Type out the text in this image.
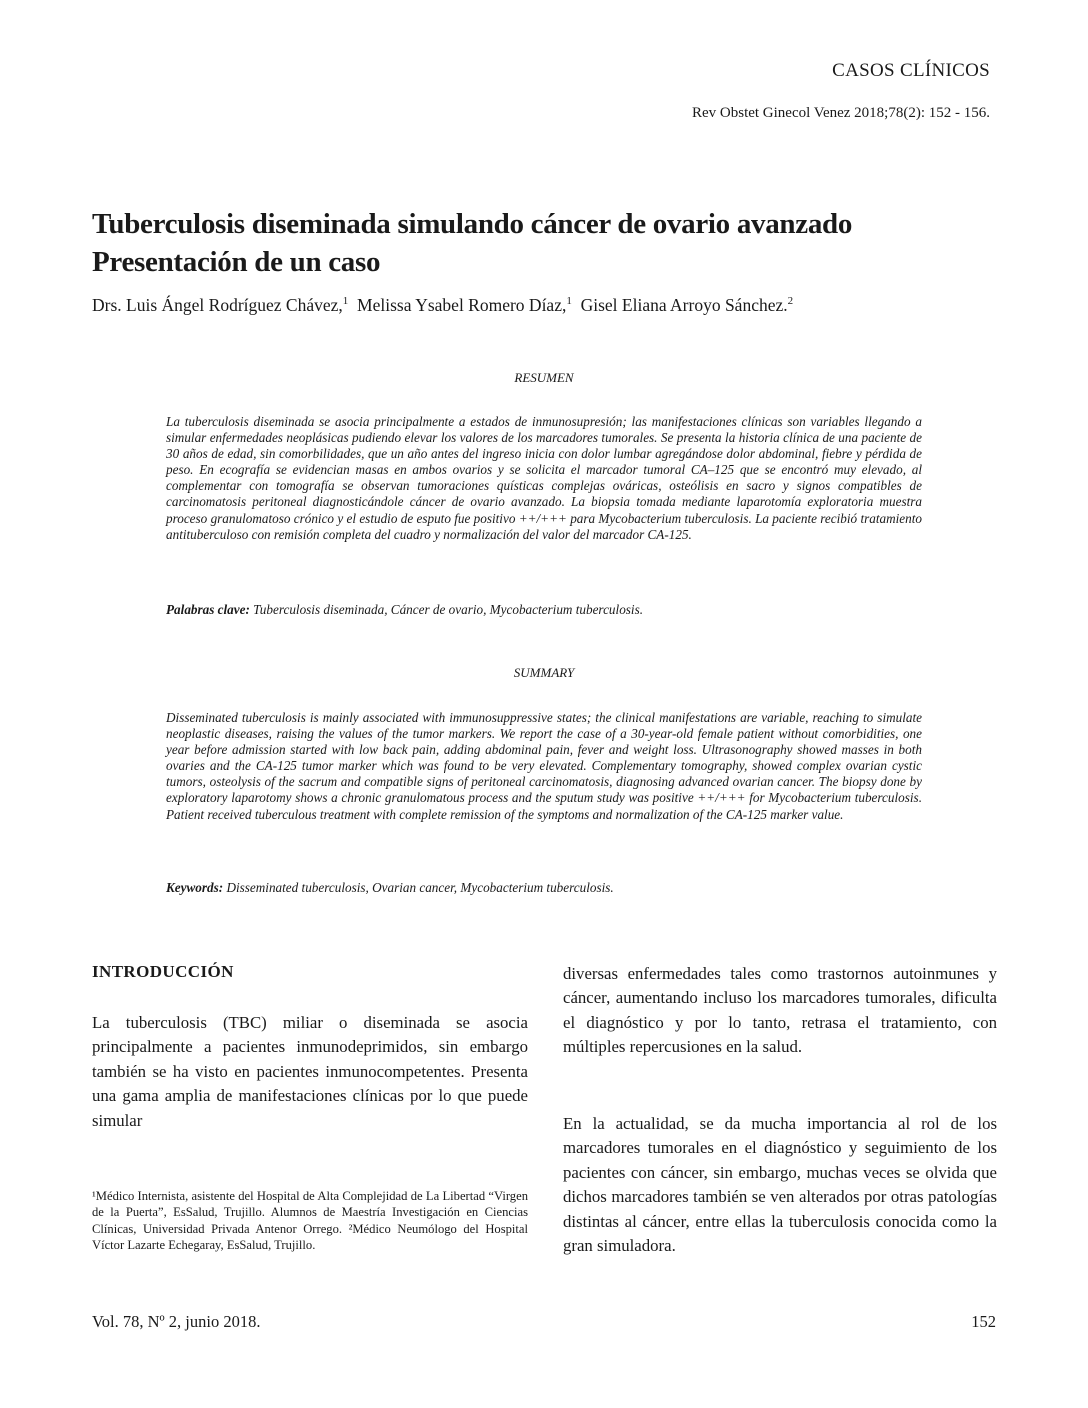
CASOS CLÍNICOS
Rev Obstet Ginecol Venez 2018;78(2): 152 - 156.
Tuberculosis diseminada simulando cáncer de ovario avanzado
Presentación de un caso
Drs. Luis Ángel Rodríguez Chávez,$^1$ Melissa Ysabel Romero Díaz,$^1$ Gisel Eliana Arroyo Sánchez.$^2$
RESUMEN
La tuberculosis diseminada se asocia principalmente a estados de inmunosupresión; las manifestaciones clínicas son variables llegando a simular enfermedades neoplásicas pudiendo elevar los valores de los marcadores tumorales. Se presenta la historia clínica de una paciente de 30 años de edad, sin comorbilidades, que un año antes del ingreso inicia con dolor lumbar agregándose dolor abdominal, fiebre y pérdida de peso. En ecografía se evidencian masas en ambos ovarios y se solicita el marcador tumoral CA–125 que se encontró muy elevado, al complementar con tomografía se observan tumoraciones quísticas complejas ováricas, osteólisis en sacro y signos compatibles de carcinomatosis peritoneal diagnosticándole cáncer de ovario avanzado. La biopsia tomada mediante laparotomía exploratoria muestra proceso granulomatoso crónico y el estudio de esputo fue positivo ++/+++ para Mycobacterium tuberculosis. La paciente recibió tratamiento antituberculoso con remisión completa del cuadro y normalización del valor del marcador CA-125.
Palabras clave: Tuberculosis diseminada, Cáncer de ovario, Mycobacterium tuberculosis.
SUMMARY
Disseminated tuberculosis is mainly associated with immunosuppressive states; the clinical manifestations are variable, reaching to simulate neoplastic diseases, raising the values of the tumor markers. We report the case of a 30-year-old female patient without comorbidities, one year before admission started with low back pain, adding abdominal pain, fever and weight loss. Ultrasonography showed masses in both ovaries and the CA-125 tumor marker which was found to be very elevated. Complementary tomography, showed complex ovarian cystic tumors, osteolysis of the sacrum and compatible signs of peritoneal carcinomatosis, diagnosing advanced ovarian cancer. The biopsy done by exploratory laparotomy shows a chronic granulomatous process and the sputum study was positive ++/+++ for Mycobacterium tuberculosis. Patient received tuberculous treatment with complete remission of the symptoms and normalization of the CA-125 marker value.
Keywords: Disseminated tuberculosis, Ovarian cancer, Mycobacterium tuberculosis.
INTRODUCCIÓN

La tuberculosis (TBC) miliar o diseminada se asocia principalmente a pacientes inmunodeprimidos, sin embargo también se ha visto en pacientes inmunocompetentes. Presenta una gama amplia de manifestaciones clínicas por lo que puede simular

diversas enfermedades tales como trastornos autoinmunes y cáncer, aumentando incluso los marcadores tumorales, dificulta el diagnóstico y por lo tanto, retrasa el tratamiento, con múltiples repercusiones en la salud.

En la actualidad, se da mucha importancia al rol de los marcadores tumorales en el diagnóstico y seguimiento de los pacientes con cáncer, sin embargo, muchas veces se olvida que dichos marcadores también se ven alterados por otras patologías distintas al cáncer, entre ellas la tuberculosis conocida como la gran simuladora.

¹Médico Internista, asistente del Hospital de Alta Complejidad de La Libertad “Virgen de la Puerta”, EsSalud, Trujillo. Alumnos de Maestría Investigación en Ciencias Clínicas, Universidad Privada Antenor Orrego. ²Médico Neumólogo del Hospital Víctor Lazarte Echegaray, EsSalud, Trujillo.
Vol. 78, Nº 2, junio 2018.	152
